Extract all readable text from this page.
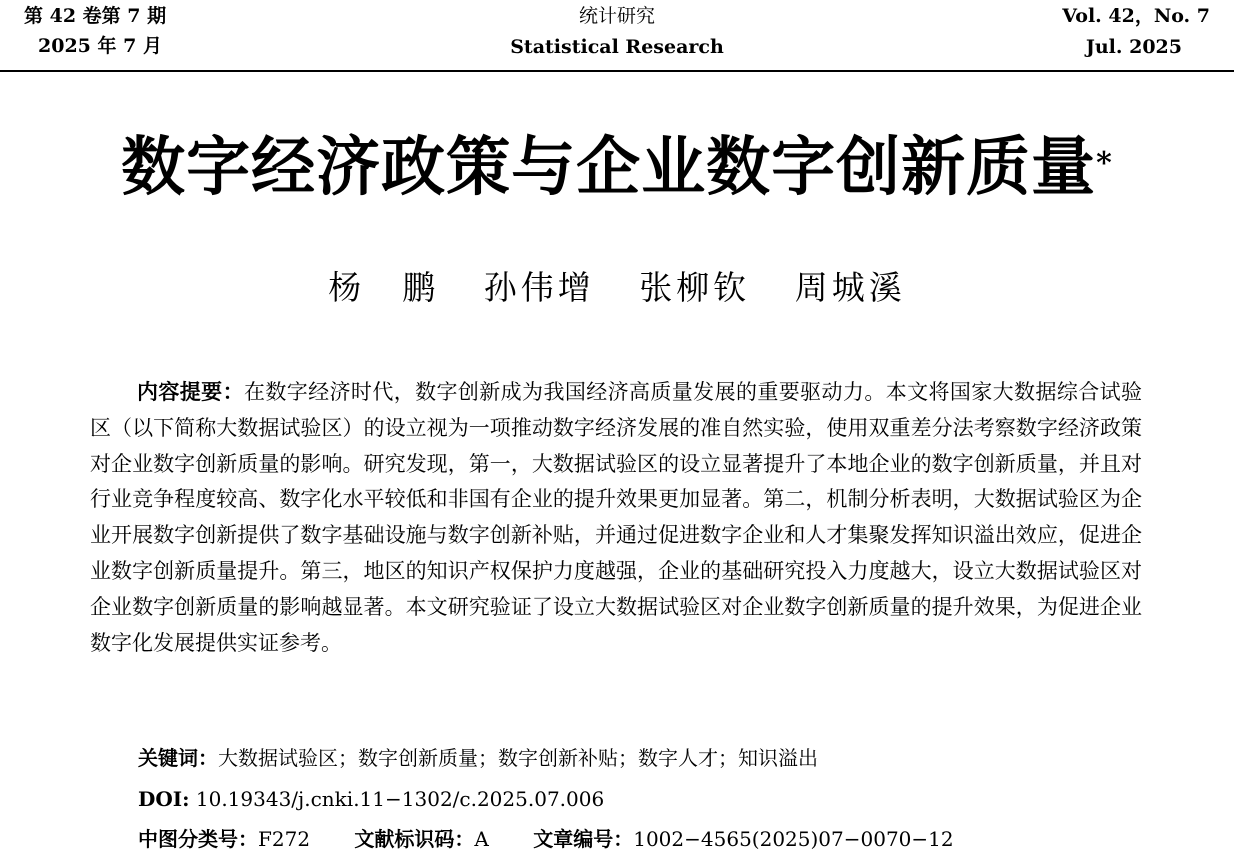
第 42 卷第 7 期
2025 年 7 月
统计研究
Statistical Research
Vol. 42，No. 7
Jul. 2025
数字经济政策与企业数字创新质量*
杨　鹏 孙伟增 张柳钦 周城溪
内容提要：在数字经济时代，数字创新成为我国经济高质量发展的重要驱动力。本文将国家大数据综合试验区（以下简称大数据试验区）的设立视为一项推动数字经济发展的准自然实验，使用双重差分法考察数字经济政策对企业数字创新质量的影响。研究发现，第一，大数据试验区的设立显著提升了本地企业的数字创新质量，并且对行业竞争程度较高、数字化水平较低和非国有企业的提升效果更加显著。第二，机制分析表明，大数据试验区为企业开展数字创新提供了数字基础设施与数字创新补贴，并通过促进数字企业和人才集聚发挥知识溢出效应，促进企业数字创新质量提升。第三，地区的知识产权保护力度越强，企业的基础研究投入力度越大，设立大数据试验区对企业数字创新质量的影响越显著。本文研究验证了设立大数据试验区对企业数字创新质量的提升效果，为促进企业数字化发展提供实证参考。
关键词：大数据试验区；数字创新质量；数字创新补贴；数字人才；知识溢出
DOI: 10.19343/j.cnki.11−1302/c.2025.07.006
中图分类号：F272 文献标识码：A 文章编号：1002−4565(2025)07−0070−12
